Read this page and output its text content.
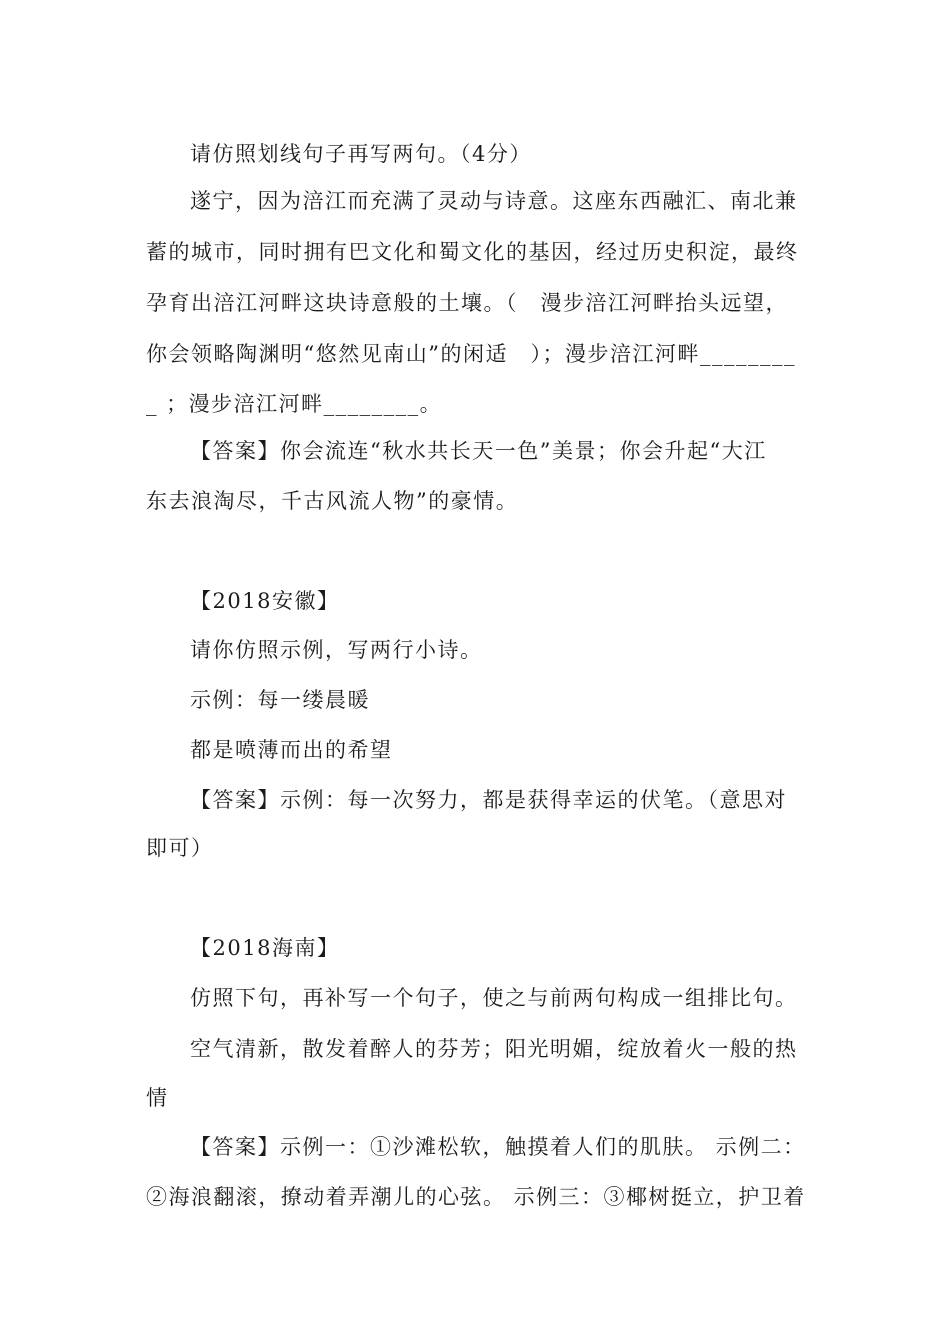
请仿照划线句子再写两句。（4分）
遂宁，因为涪江而充满了灵动与诗意。这座东西融汇、南北兼
蓄的城市，同时拥有巴文化和蜀文化的基因，经过历史积淀，最终
孕育出涪江河畔这块诗意般的土壤。（　漫步涪江河畔抬头远望，
你会领略陶渊明“悠然见南山”的闲适　）；漫步涪江河畔________
_ ；漫步涪江河畔________。
【答案】你会流连“秋水共长天一色”美景；你会升起“大江
东去浪淘尽，千古风流人物”的豪情。
【2018安徽】
请你仿照示例，写两行小诗。
示例：每一缕晨暖
都是喷薄而出的希望
【答案】示例：每一次努力，都是获得幸运的伏笔。（意思对
即可）
【2018海南】
仿照下句，再补写一个句子，使之与前两句构成一组排比句。
空气清新，散发着醉人的芬芳；阳光明媚，绽放着火一般的热
情
【答案】示例一：①沙滩松软，触摸着人们的肌肤。 示例二：
②海浪翻滚，撩动着弄潮儿的心弦。 示例三：③椰树挺立，护卫着
